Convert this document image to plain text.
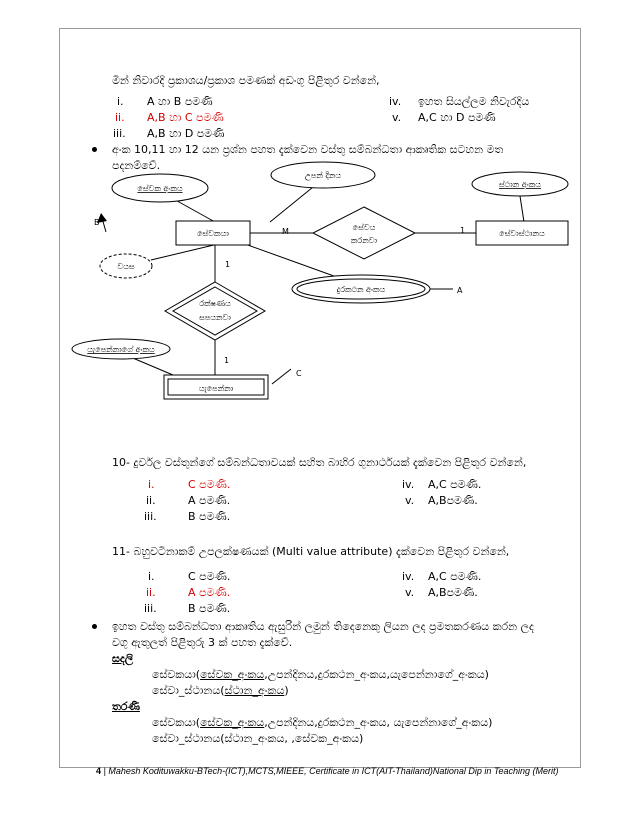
මින් නිවාරදි ප්‍රකාශය/ප්‍රකාශ පමණක් අඩංගු පිළිතුර වන්නේ,
i. A හා B පමණි
ii. A,B හා C පමණි
iii. A,B හා D පමණි
iv. ඉහත සියල්ලම නිවැරදිය
v. A,C හා D පමණි
අංක 10,11 හා 12 යන ප්‍රශ්න පහත දැක්වෙන වස්තු සම්බන්ධතා ආකෘතික සටහන මත
පදනම්වේ.
සේවකයා	සේවාස්ථානය
යැපෙන්නා
සේවය
කරනවා
රක්ෂණය
සපයනවා
සේවක අංකය
උපන් දිනය
ස්ථාන අංකය
වයස
දුරකථන අංකය
යැපෙන්නාගේ අංකය
M	1
1
1
A
B
C
10- දුර්වල වස්තුන්ගේ සම්බන්ධතාවයක් සහිත බාහිර ගුනාර්ථයක් දැක්වෙන පිළිතුර වන්නේ,
i.	C පමණි.
ii.	A පමණි.
iii.	B පමණි.
iv. A,C පමණි.
v. A,Bපමණි.
11- බහුවටිනාකම් උපලක්ෂණයක් (Multi value attribute) දැක්වෙන පිළිතුර වන්නේ,
i.	C පමණි.
ii.	A පමණි.
iii.	B පමණි.
iv. A,C පමණි.
v. A,Bපමණි.
ඉහත වස්තු සම්බන්ධතා ආකෘතිය ඇසුරින් ලමුන් තිදෙනෙකු ලියන ලද ප්‍රමතකරණය කරන ලද
වගු ඇතුලත් පිළිතුරු 3 ක් පහත දැක්වේ.
සදලි
සේවකයා(සේවක_අංකය,උපන්දිනය,දුරකථන_අංකය,යැපෙන්නාගේ_අංකය)
සේවා_ස්ථානය(ස්ථාන_අංකය)
තරණි
සේවකයා(සේවක_අංකය,උපන්දිනය,දුරකථන_අංකය, යැපෙන්නාගේ_අංකය)
සේවා_ස්ථානය(ස්ථාන_අංකය, ,සේවක_අංකය)
4 | Mahesh Kodituwakku-BTech-(ICT),MCTS,MIEEE, Certificate in ICT(AIT-Thailand)National Dip in Teaching (Merit)
